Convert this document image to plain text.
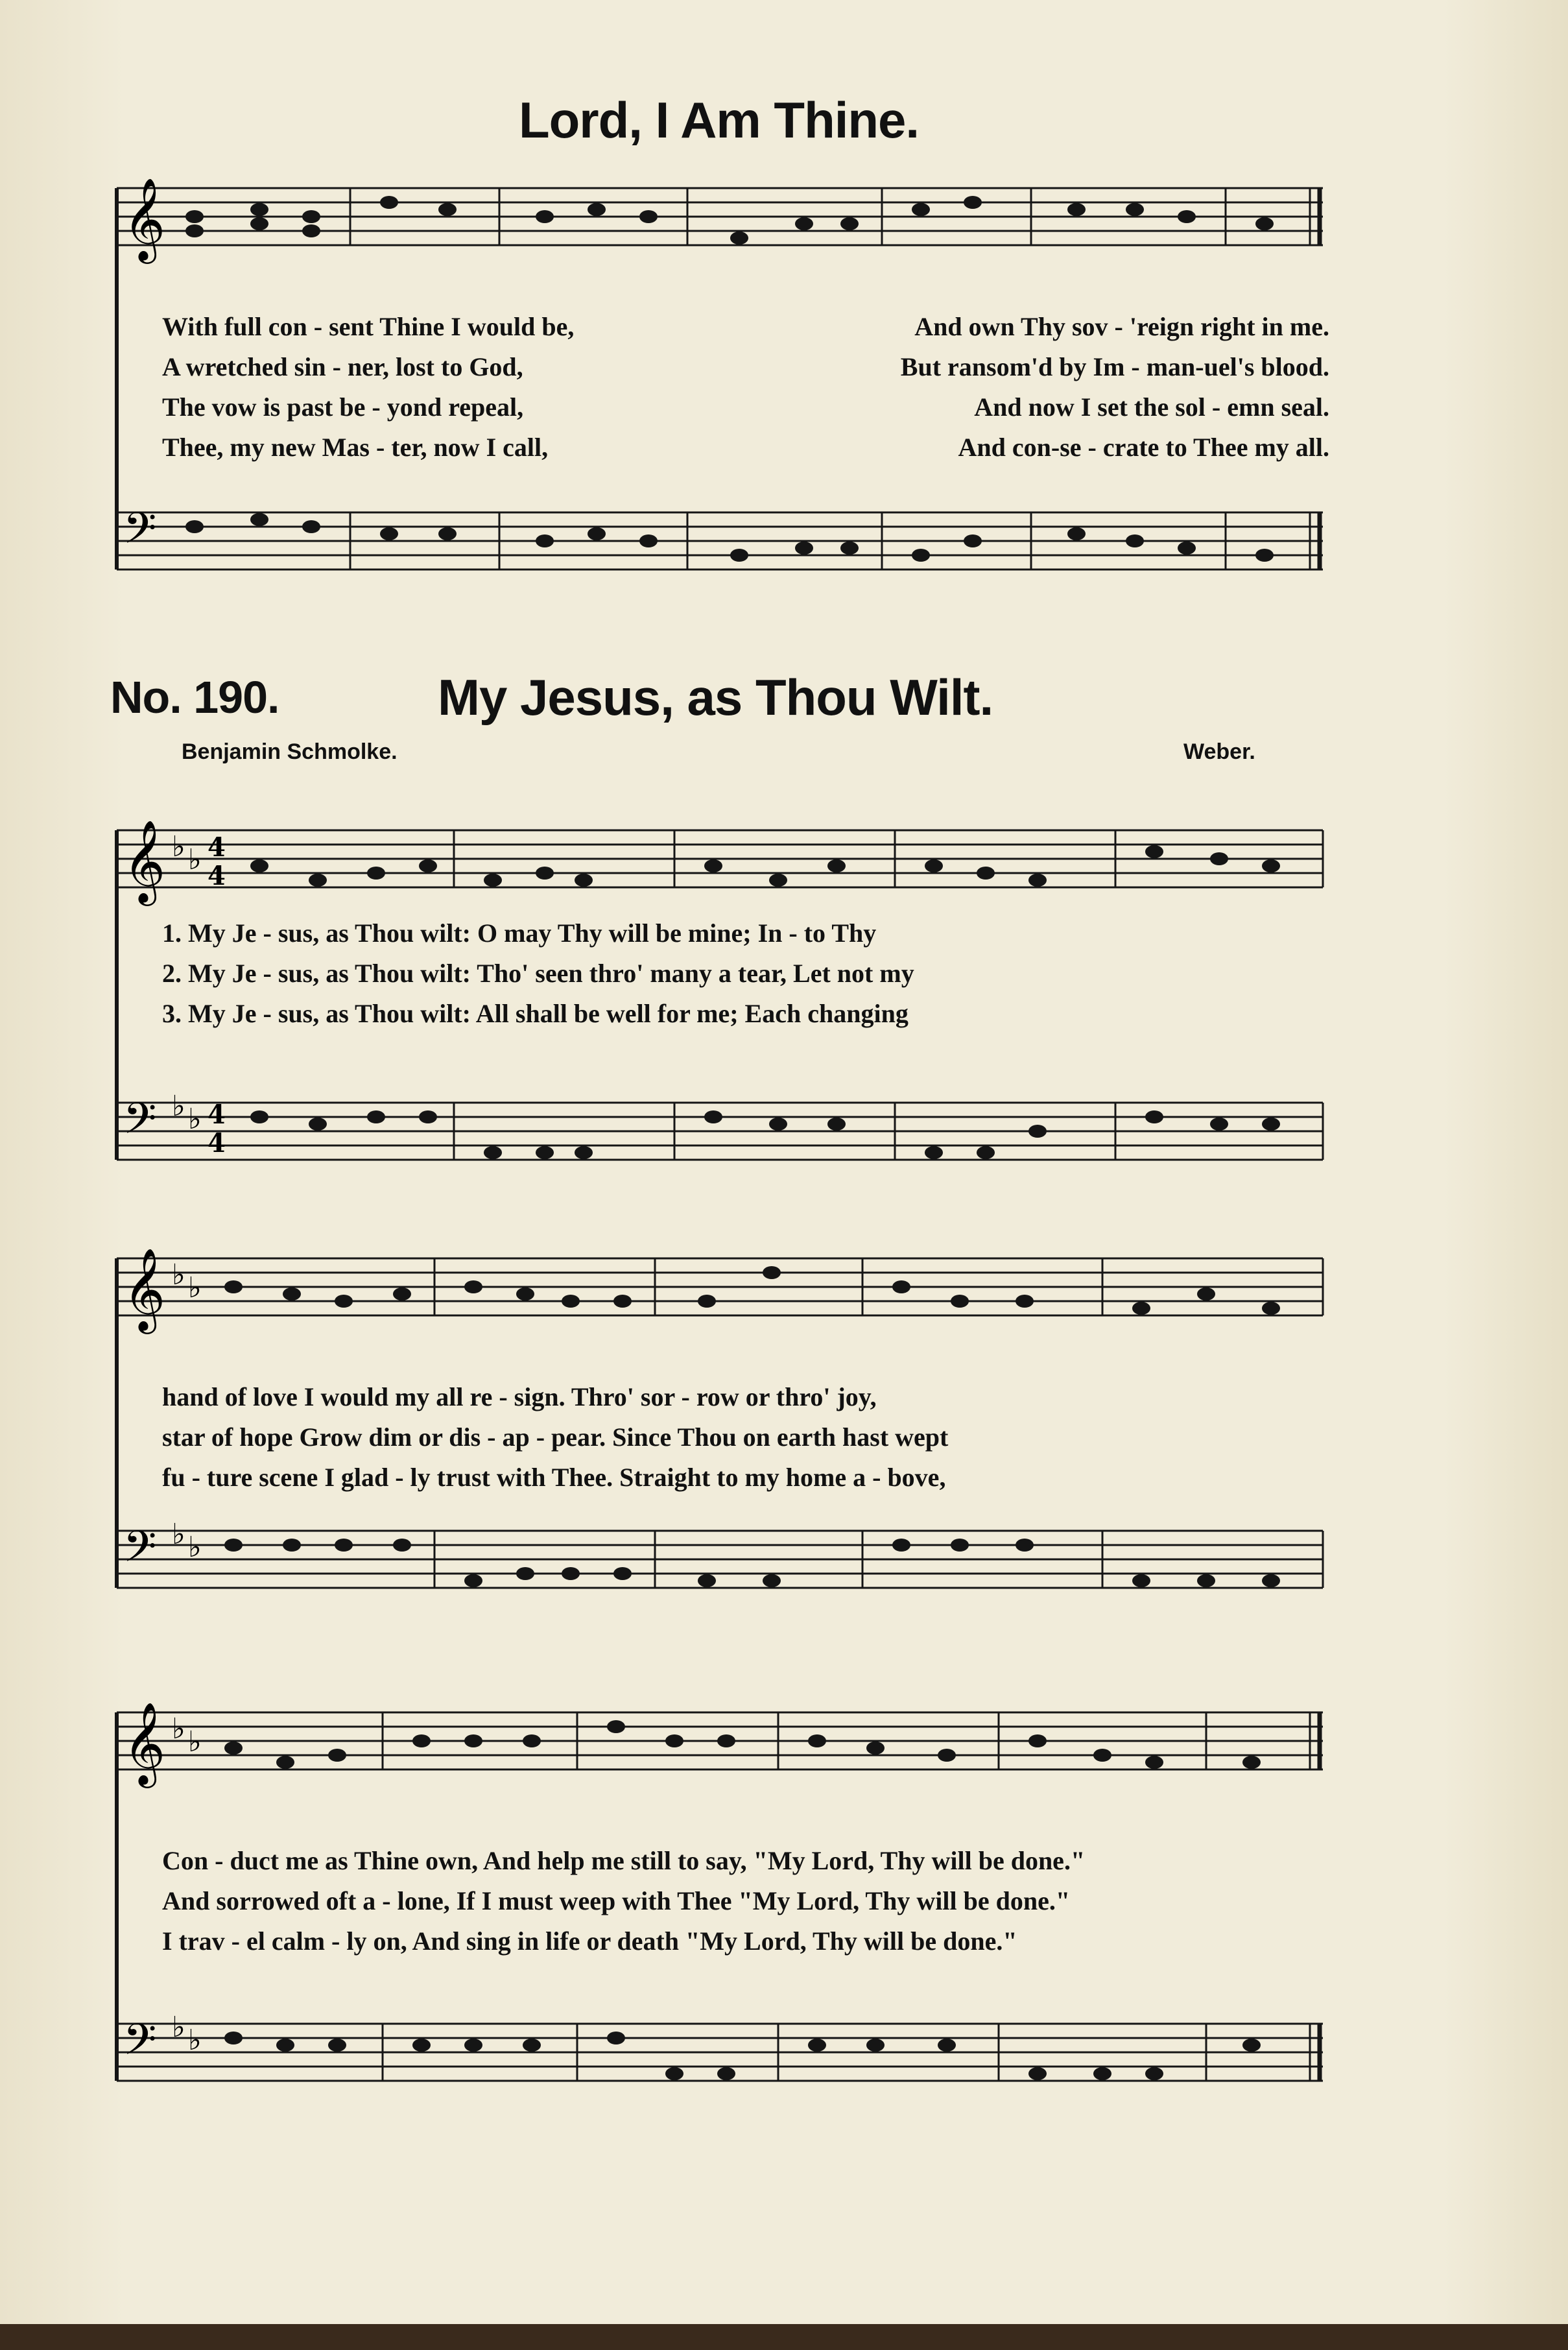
Lord, I Am Thine.
𝄞
𝄢
With full con - sent Thine I would be,	And own Thy sov - 'reign right in me.
A wretched sin - ner, lost to God,	But ransom'd by Im - man-uel's blood.
The vow is past be - yond repeal,	And now I set the sol - emn seal.
Thee, my new Mas - ter, now I call,	And con-se - crate to Thee my all.
No. 190.	My Jesus, as Thou Wilt.
Benjamin Schmolke.	Weber.
𝄞
𝄢
♭ ♭ 4
4
♭ ♭ 4
4
1. My Je - sus, as Thou wilt: O may Thy will be mine; In - to Thy
2. My Je - sus, as Thou wilt: Tho' seen thro' many a tear, Let not my
3. My Je - sus, as Thou wilt: All shall be well for me; Each changing
𝄞
𝄢
♭ ♭
♭ ♭
hand of love I would my all re - sign. Thro' sor - row or thro' joy,
star of hope Grow dim or dis - ap - pear. Since Thou on earth hast wept
fu - ture scene I glad - ly trust with Thee. Straight to my home a - bove,
𝄞
𝄢
♭ ♭
♭ ♭
Con - duct me as Thine own, And help me still to say, "My Lord, Thy will be done."
And sorrowed oft a - lone, If I must weep with Thee "My Lord, Thy will be done."
I trav - el calm - ly on, And sing in life or death "My Lord, Thy will be done."
